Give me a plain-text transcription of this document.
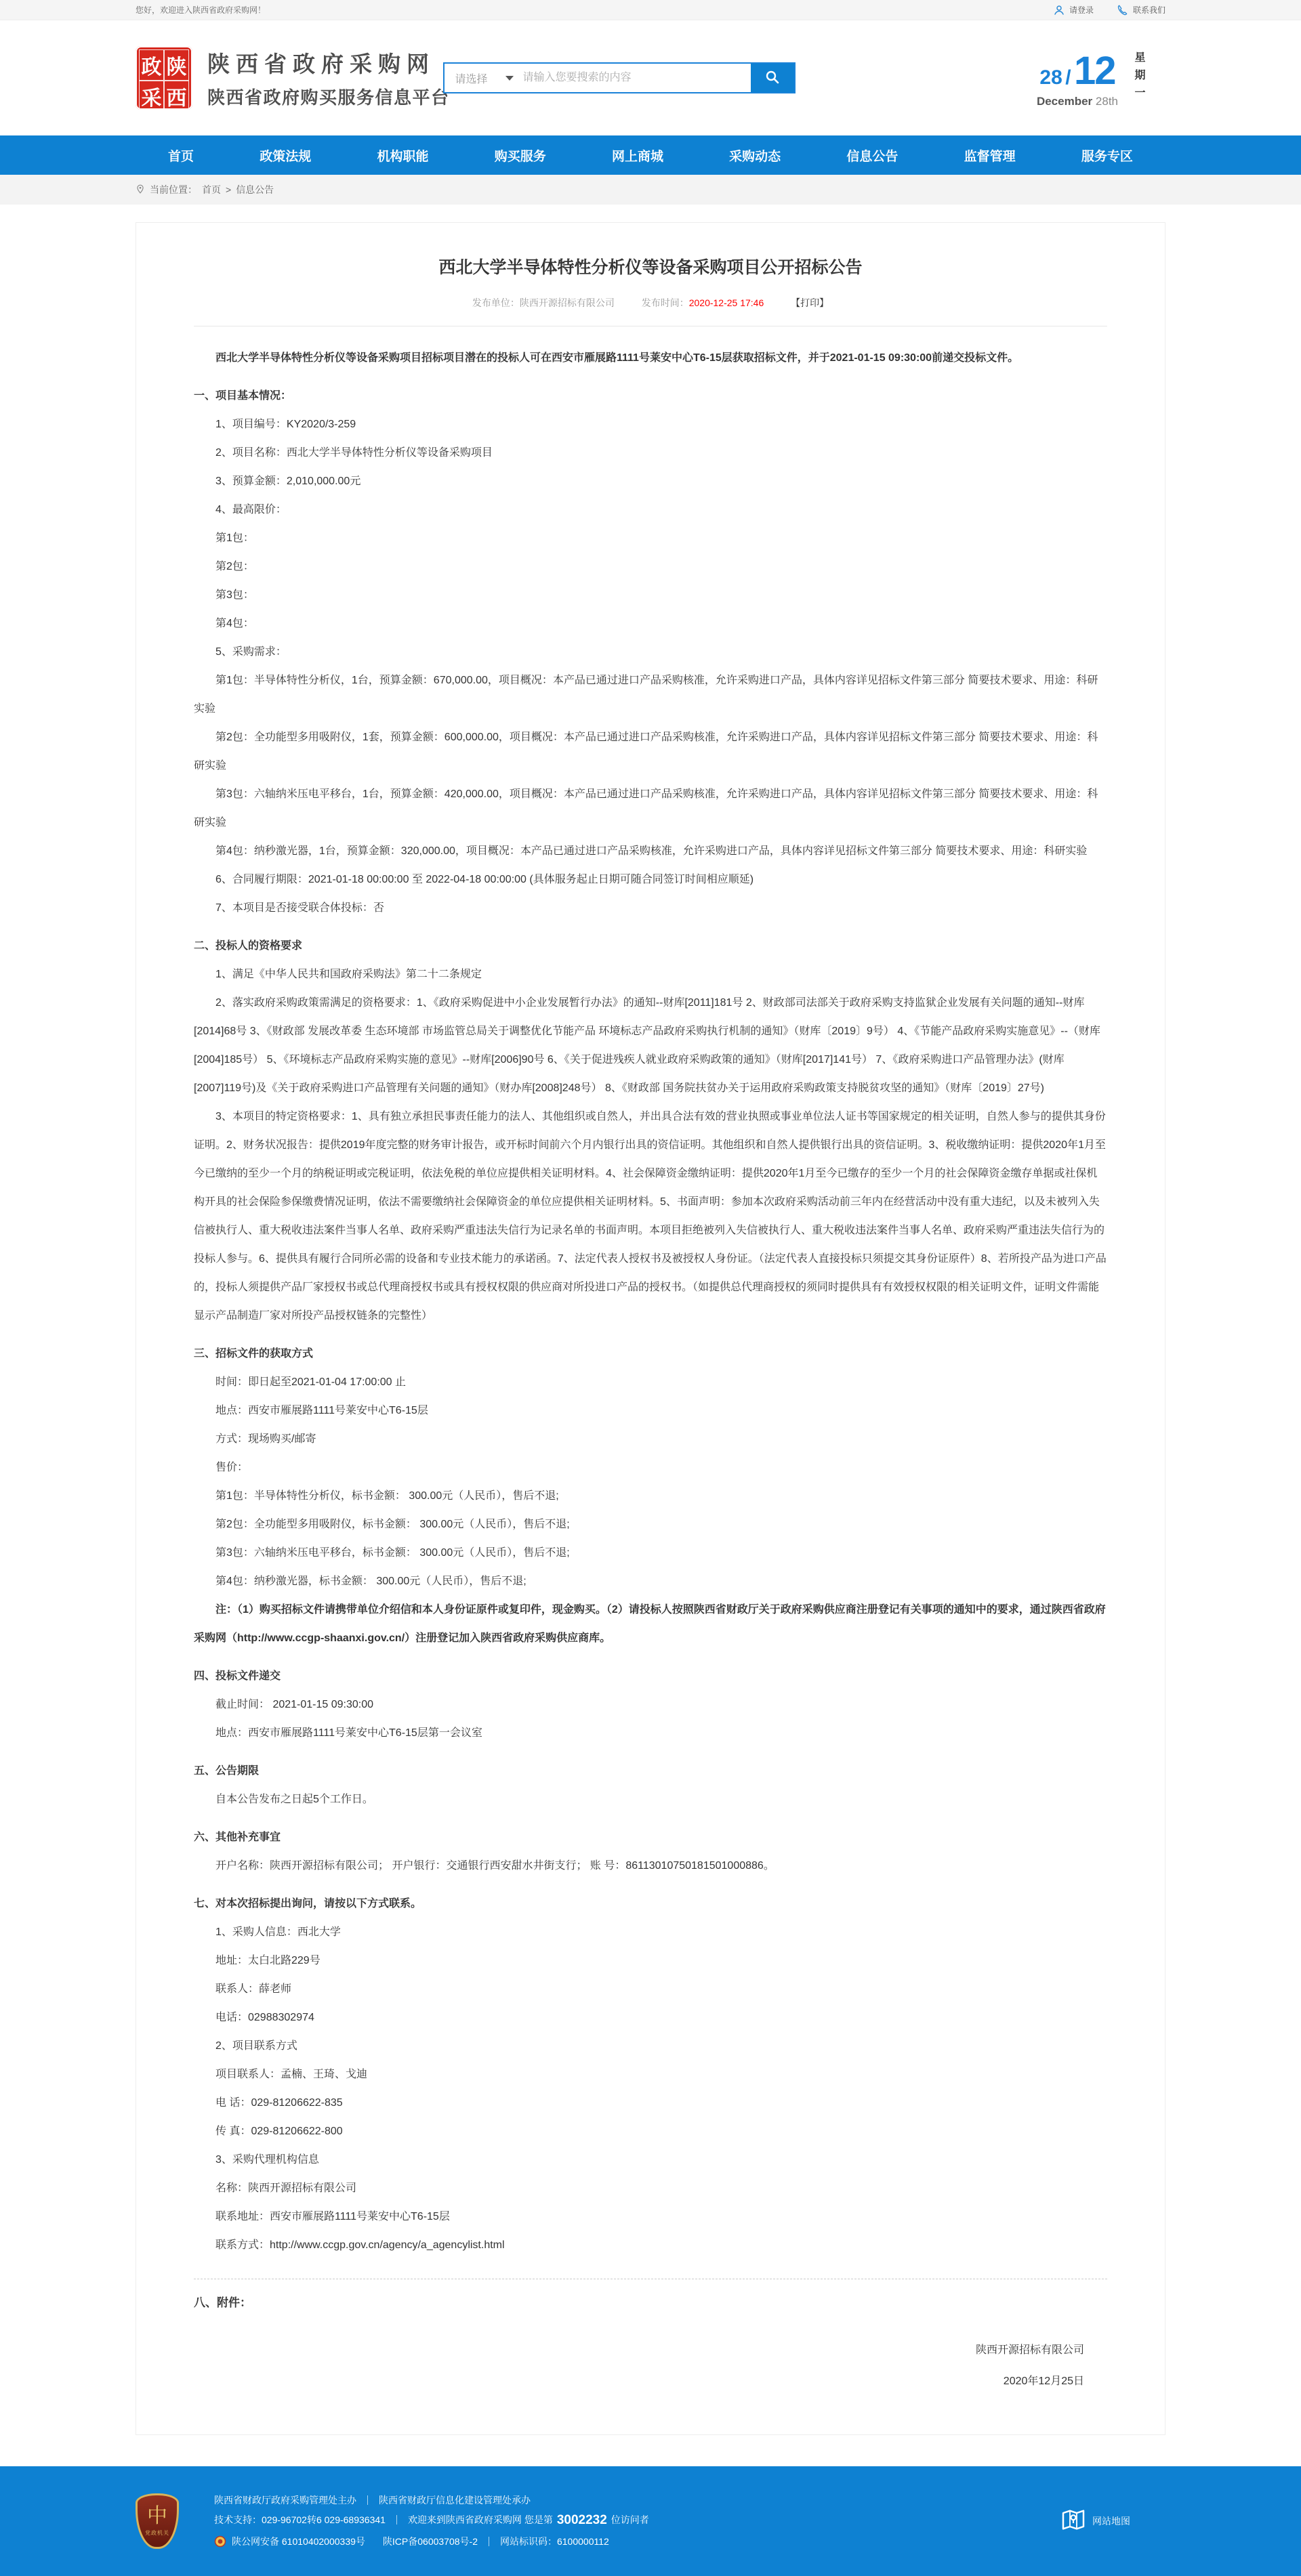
您好，欢迎进入陕西省政府采购网！	请登录	联系我们
政 陕
采 西
陕西省政府采购网
陕西省政府购买服务信息平台
请选择
请输入您要搜索的内容	28 / 12
December 28th 星期一
首页	政策法规	机构职能	购买服务	网上商城	采购动态	信息公告	监督管理	服务专区
当前位置： 首页 > 信息公告
西北大学半导体特性分析仪等设备采购项目公开招标公告
发布单位：陕西开源招标有限公司	发布时间：2020-12-25 17:46	【打印】

西北大学半导体特性分析仪等设备采购项目招标项目潜在的投标人可在西安市雁展路1111号莱安中心T6-15层获取招标文件，并于2021-01-15 09:30:00前递交投标文件。

一、项目基本情况：

1、项目编号：KY2020/3-259

2、项目名称：西北大学半导体特性分析仪等设备采购项目

3、预算金额：2,010,000.00元

4、最高限价：

第1包：

第2包：

第3包：

第4包：

5、采购需求：

第1包：半导体特性分析仪，1台，预算金额：670,000.00，项目概况：本产品已通过进口产品采购核准，允许采购进口产品，具体内容详见招标文件第三部分 简要技术要求、用途：科研实验

第2包：全功能型多用吸附仪，1套，预算金额：600,000.00，项目概况：本产品已通过进口产品采购核准，允许采购进口产品，具体内容详见招标文件第三部分 简要技术要求、用途：科研实验

第3包：六轴纳米压电平移台，1台，预算金额：420,000.00，项目概况：本产品已通过进口产品采购核准，允许采购进口产品，具体内容详见招标文件第三部分 简要技术要求、用途：科研实验

第4包：纳秒激光器，1台，预算金额：320,000.00，项目概况：本产品已通过进口产品采购核准，允许采购进口产品，具体内容详见招标文件第三部分 简要技术要求、用途：科研实验

6、合同履行期限：2021-01-18 00:00:00 至 2022-04-18 00:00:00 (具体服务起止日期可随合同签订时间相应顺延)

7、本项目是否接受联合体投标：否

二、投标人的资格要求

1、满足《中华人民共和国政府采购法》第二十二条规定

2、落实政府采购政策需满足的资格要求：1、《政府采购促进中小企业发展暂行办法》的通知--财库[2011]181号 2、财政部司法部关于政府采购支持监狱企业发展有关问题的通知--财库[2014]68号 3、《财政部 发展改革委 生态环境部 市场监管总局关于调整优化节能产品 环境标志产品政府采购执行机制的通知》（财库〔2019〕9号） 4、《节能产品政府采购实施意见》--（财库[2004]185号） 5、《环境标志产品政府采购实施的意见》--财库[2006]90号 6、《关于促进残疾人就业政府采购政策的通知》（财库[2017]141号） 7、《政府采购进口产品管理办法》(财库[2007]119号)及《关于政府采购进口产品管理有关问题的通知》（财办库[2008]248号） 8、《财政部 国务院扶贫办关于运用政府采购政策支持脱贫攻坚的通知》（财库〔2019〕27号)

3、本项目的特定资格要求：1、具有独立承担民事责任能力的法人、其他组织或自然人，并出具合法有效的营业执照或事业单位法人证书等国家规定的相关证明，自然人参与的提供其身份证明。2、财务状况报告：提供2019年度完整的财务审计报告，或开标时间前六个月内银行出具的资信证明。其他组织和自然人提供银行出具的资信证明。3、税收缴纳证明：提供2020年1月至今已缴纳的至少一个月的纳税证明或完税证明，依法免税的单位应提供相关证明材料。4、社会保障资金缴纳证明：提供2020年1月至今已缴存的至少一个月的社会保障资金缴存单据或社保机构开具的社会保险参保缴费情况证明，依法不需要缴纳社会保障资金的单位应提供相关证明材料。5、书面声明：参加本次政府采购活动前三年内在经营活动中没有重大违纪，以及未被列入失信被执行人、重大税收违法案件当事人名单、政府采购严重违法失信行为记录名单的书面声明。本项目拒绝被列入失信被执行人、重大税收违法案件当事人名单、政府采购严重违法失信行为的投标人参与。6、提供具有履行合同所必需的设备和专业技术能力的承诺函。7、法定代表人授权书及被授权人身份证。（法定代表人直接投标只须提交其身份证原件）8、若所投产品为进口产品的，投标人须提供产品厂家授权书或总代理商授权书或具有授权权限的供应商对所投进口产品的授权书。（如提供总代理商授权的须同时提供具有有效授权权限的相关证明文件，证明文件需能显示产品制造厂家对所投产品授权链条的完整性）

三、招标文件的获取方式

时间：即日起至2021-01-04 17:00:00 止

地点：西安市雁展路1111号莱安中心T6-15层

方式：现场购买/邮寄

售价：

第1包：半导体特性分析仪，标书金额： 300.00元（人民币），售后不退;

第2包：全功能型多用吸附仪，标书金额： 300.00元（人民币），售后不退;

第3包：六轴纳米压电平移台，标书金额： 300.00元（人民币），售后不退;

第4包：纳秒激光器，标书金额： 300.00元（人民币），售后不退;

注：（1）购买招标文件请携带单位介绍信和本人身份证原件或复印件，现金购买。（2）请投标人按照陕西省财政厅关于政府采购供应商注册登记有关事项的通知中的要求，通过陕西省政府采购网（http://www.ccgp-shaanxi.gov.cn/）注册登记加入陕西省政府采购供应商库。

四、投标文件递交

截止时间： 2021-01-15 09:30:00

地点：西安市雁展路1111号莱安中心T6-15层第一会议室

五、公告期限

自本公告发布之日起5个工作日。

六、其他补充事宜

开户名称：陕西开源招标有限公司； 开户银行：交通银行西安甜水井街支行； 账 号：86113010750181501000886。

七、对本次招标提出询问，请按以下方式联系。

1、采购人信息：西北大学

地址：太白北路229号

联系人：薛老师

电话：02988302974

2、项目联系方式

项目联系人：孟楠、王琦、戈迪

电 话：029-81206622-835

传 真：029-81206622-800

3、采购代理机构信息

名称：陕西开源招标有限公司

联系地址：西安市雁展路1111号莱安中心T6-15层

联系方式：http://www.ccgp.gov.cn/agency/a_agencylist.html

八、附件：

陕西开源招标有限公司

2020年12月25日

中
党政机关
陕西省财政厅政府采购管理处主办 陕西省财政厅信息化建设管理处承办
技术支持：029-96702转6 029-68936341 欢迎来到陕西省政府采购网 您是第 3002232 位访问者
陕公网安备 61010402000339号 陕ICP备06003708号-2 网站标识码：6100000112
网站地图
